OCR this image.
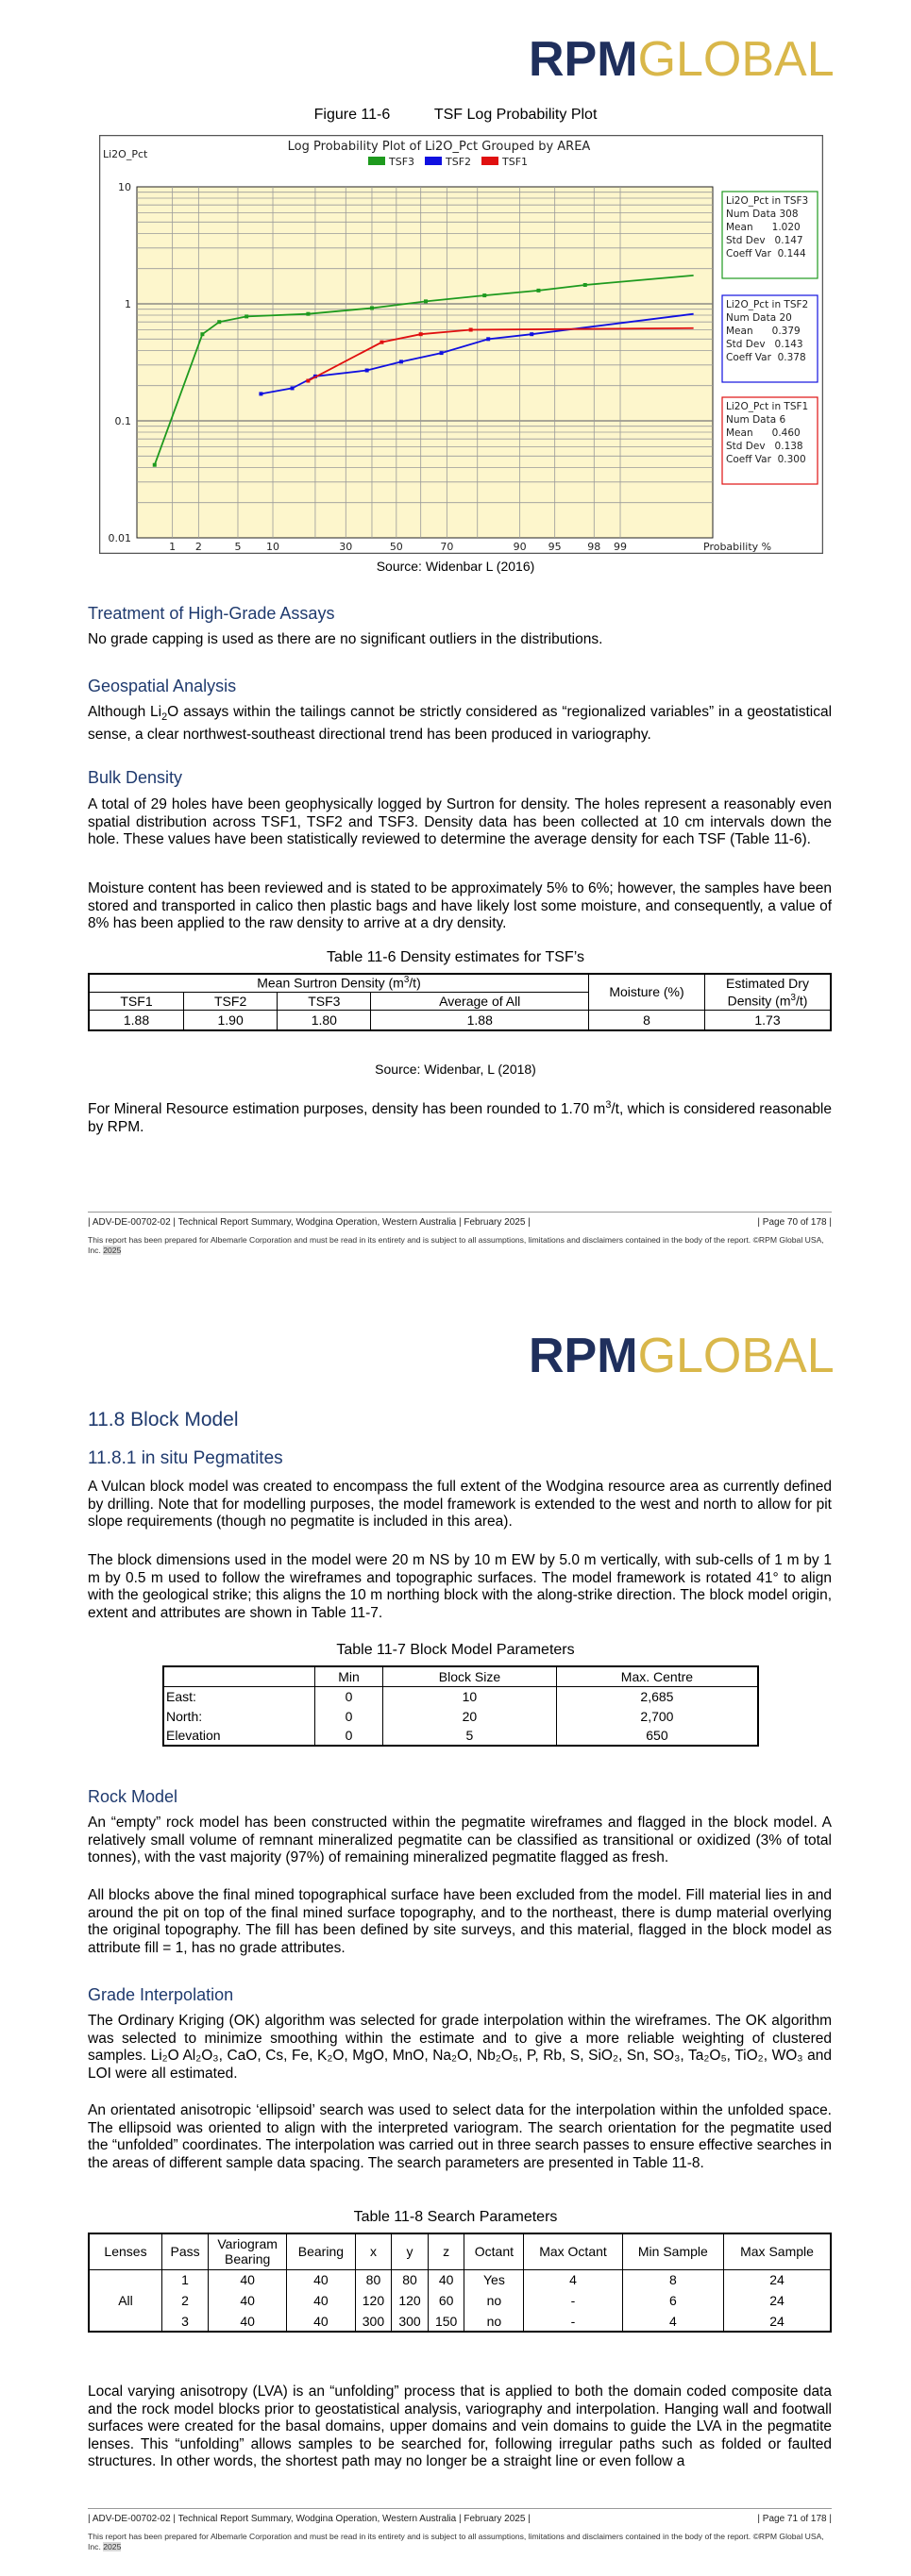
RPMGLOBAL
Figure 11-6	TSF Log Probability Plot
Log Probability Plot of Li2O_Pct Grouped by AREA
Li2O_Pct
Probability %
TSF3	TSF2	TSF1
10
1
0.1
0.01
1 2	5 10	30	50	70	90 95	98 99
Li2O_Pct in TSF3
Num Data 308
Mean      1.020
Std Dev   0.147
Coeff Var  0.144
Li2O_Pct in TSF2
Num Data 20
Mean      0.379
Std Dev   0.143
Coeff Var  0.378
Li2O_Pct in TSF1
Num Data 6
Mean      0.460
Std Dev   0.138
Coeff Var  0.300
Source: Widenbar L (2016)
Treatment of High-Grade Assays
No grade capping is used as there are no significant outliers in the distributions.
Geospatial Analysis
Although $Li_2O$ assays within the tailings cannot be strictly considered as “regionalized variables” in a geostatistical sense, a clear northwest-southeast directional trend has been produced in variography.
Bulk Density
A total of 29 holes have been geophysically logged by Surtron for density. The holes represent a reasonably even spatial distribution across TSF1, TSF2 and TSF3. Density data has been collected at 10 cm intervals down the hole. These values have been statistically reviewed to determine the average density for each TSF (Table 11-6).
Moisture content has been reviewed and is stated to be approximately 5% to 6%; however, the samples have been stored and transported in calico then plastic bags and have likely lost some moisture, and consequently, a value of 8% has been applied to the raw density to arrive at a dry density.
Table 11-6 Density estimates for TSF’s
Mean Surtron Density $(m^3/t)$				Moisture (%)	Estimated Dry
Density $(m^3/t)$
TSF1	TSF2	TSF3	Average of All		
1.88	1.90	1.80	1.88	8	1.73
Source: Widenbar, L (2018)
For Mineral Resource estimation purposes, density has been rounded to 1.70 $m^3/t$, which is considered reasonable by RPM.
| ADV-DE-00702-02 | Technical Report Summary, Wodgina Operation, Western Australia | February 2025 |	| Page 70 of 178 |
This report has been prepared for Albemarle Corporation and must be read in its entirety and is subject to all assumptions, limitations and disclaimers contained in the body of the report. ©RPM Global USA, Inc. 2025
RPMGLOBAL
11.8 Block Model
11.8.1 in situ Pegmatites
A Vulcan block model was created to encompass the full extent of the Wodgina resource area as currently defined by drilling. Note that for modelling purposes, the model framework is extended to the west and north to allow for pit slope requirements (though no pegmatite is included in this area).
The block dimensions used in the model were 20 m NS by 10 m EW by 5.0 m vertically, with sub-cells of 1 m by 1 m by 0.5 m used to follow the wireframes and topographic surfaces. The model framework is rotated 41° to align with the geological strike; this aligns the 10 m northing block with the along-strike direction. The block model origin, extent and attributes are shown in Table 11-7.
Table 11-7 Block Model Parameters
	Min	Block Size	Max. Centre
East:	0	10	2,685
North:	0	20	2,700
Elevation	0	5	650
Rock Model
An “empty” rock model has been constructed within the pegmatite wireframes and flagged in the block model. A relatively small volume of remnant mineralized pegmatite can be classified as transitional or oxidized (3% of total tonnes), with the vast majority (97%) of remaining mineralized pegmatite flagged as fresh.
All blocks above the final mined topographical surface have been excluded from the model. Fill material lies in and around the pit on top of the final mined surface topography, and to the northeast, there is dump material overlying the original topography. The fill has been defined by site surveys, and this material, flagged in the block model as attribute fill = 1, has no grade attributes.
Grade Interpolation
The Ordinary Kriging (OK) algorithm was selected for grade interpolation within the wireframes. The OK algorithm was selected to minimize smoothing within the estimate and to give a more reliable weighting of clustered samples. Li₂O Al₂O₃, CaO, Cs, Fe, K₂O, MgO, MnO, Na₂O, Nb₂O₅, P, Rb, S, SiO₂, Sn, SO₃, Ta₂O₅, TiO₂, WO₃ and LOI were all estimated.
An orientated anisotropic ‘ellipsoid’ search was used to select data for the interpolation within the unfolded space. The ellipsoid was oriented to align with the interpreted variogram. The search orientation for the pegmatite used the “unfolded” coordinates. The interpolation was carried out in three search passes to ensure effective searches in the areas of different sample data spacing. The search parameters are presented in Table 11-8.
Table 11-8 Search Parameters
Lenses	Pass	Variogram Bearing	Bearing	x	y	z	Octant	Max Octant	Min Sample	Max Sample
All	1	40	40	80	80	40	Yes	4	8	24
	2	40	40	120	120	60	no	-	6	24
	3	40	40	300	300	150	no	-	4	24
Local varying anisotropy (LVA) is an “unfolding” process that is applied to both the domain coded composite data and the rock model blocks prior to geostatistical analysis, variography and interpolation. Hanging wall and footwall surfaces were created for the basal domains, upper domains and vein domains to guide the LVA in the pegmatite lenses. This “unfolding” allows samples to be searched for, following irregular paths such as folded or faulted structures. In other words, the shortest path may no longer be a straight line or even follow a
| ADV-DE-00702-02 | Technical Report Summary, Wodgina Operation, Western Australia | February 2025 |	| Page 71 of 178 |
This report has been prepared for Albemarle Corporation and must be read in its entirety and is subject to all assumptions, limitations and disclaimers contained in the body of the report. ©RPM Global USA, Inc. 2025
